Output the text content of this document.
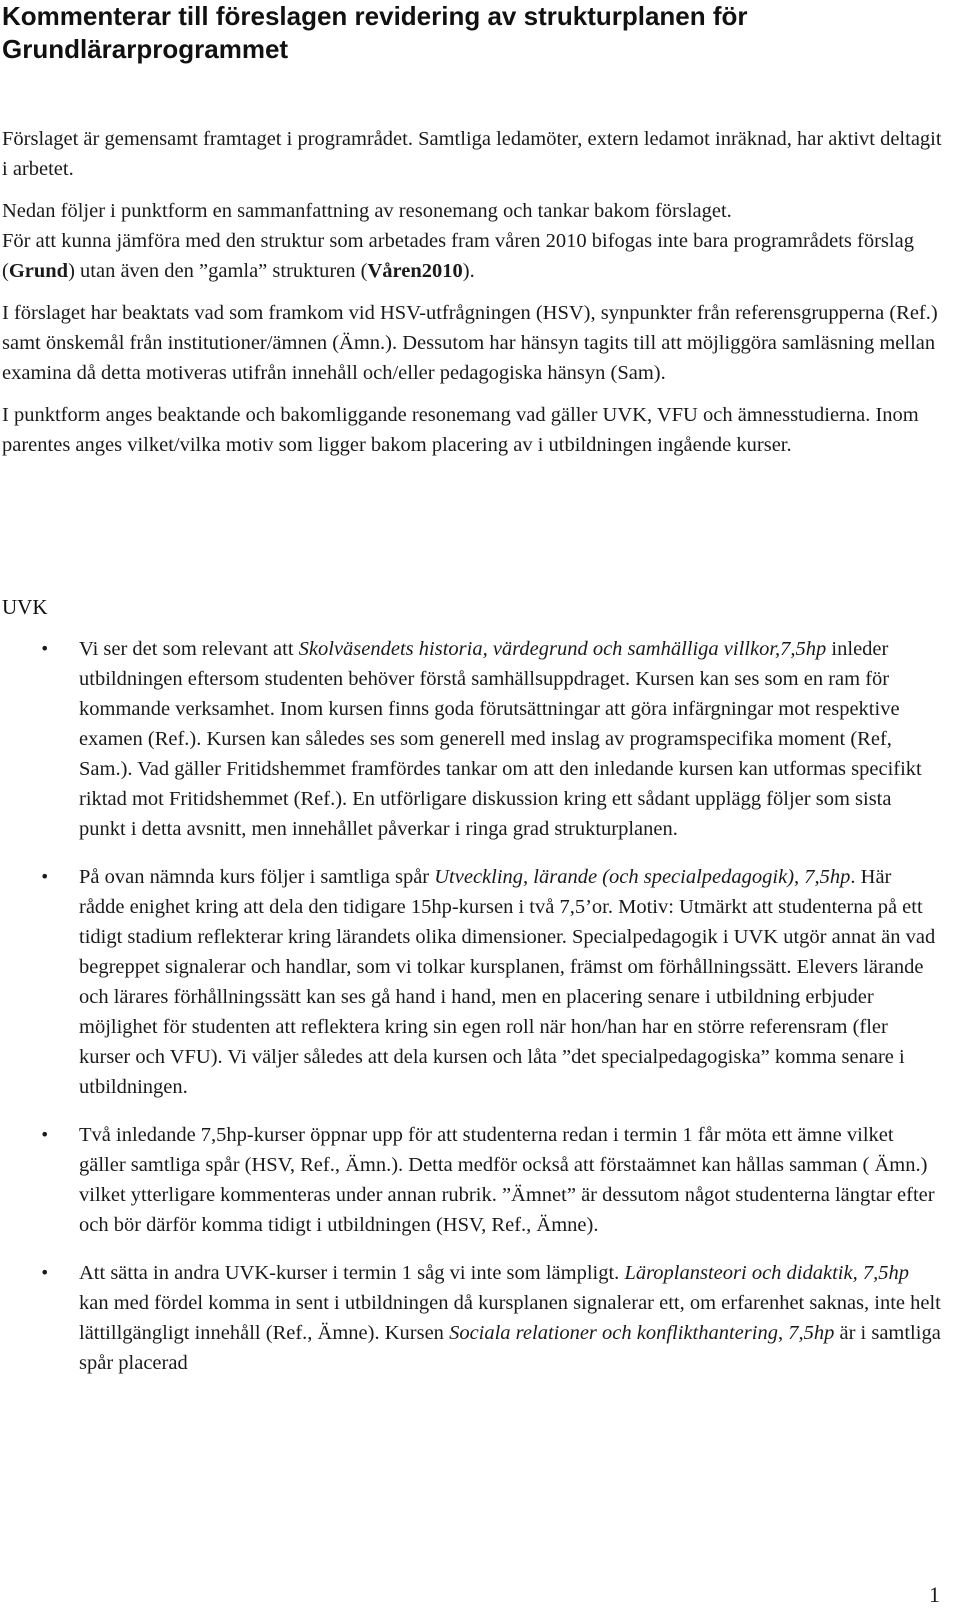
Kommenterar till föreslagen revidering av strukturplanen för
Grundlärarprogrammet

Förslaget är gemensamt framtaget i programrådet. Samtliga ledamöter, extern ledamot inräknad, har aktivt deltagit i arbetet.

Nedan följer i punktform en sammanfattning av resonemang och tankar bakom förslaget.

För att kunna jämföra med den struktur som arbetades fram våren 2010 bifogas inte bara programrådets förslag (Grund) utan även den ”gamla” strukturen (Våren2010).

I förslaget har beaktats vad som framkom vid HSV-utfrågningen (HSV), synpunkter från referensgrupperna (Ref.) samt önskemål från institutioner/ämnen (Ämn.). Dessutom har hänsyn tagits till att möjliggöra samläsning mellan examina då detta motiveras utifrån innehåll och/eller pedagogiska hänsyn (Sam).

I punktform anges beaktande och bakomliggande resonemang vad gäller UVK, VFU och ämnesstudierna. Inom parentes anges vilket/vilka motiv som ligger bakom placering av i utbildningen ingående kurser.

UVK
• Vi ser det som relevant att Skolväsendets historia, värdegrund och samhälliga villkor,7,5hp inleder utbildningen eftersom studenten behöver förstå samhällsuppdraget. Kursen kan ses som en ram för kommande verksamhet. Inom kursen finns goda förutsättningar att göra infärgningar mot respektive examen (Ref.). Kursen kan således ses som generell med inslag av programspecifika moment (Ref, Sam.). Vad gäller Fritidshemmet framfördes tankar om att den inledande kursen kan utformas specifikt riktad mot Fritidshemmet (Ref.). En utförligare diskussion kring ett sådant upplägg följer som sista punkt i detta avsnitt, men innehållet påverkar i ringa grad strukturplanen.
• På ovan nämnda kurs följer i samtliga spår Utveckling, lärande (och specialpedagogik), 7,5hp. Här rådde enighet kring att dela den tidigare 15hp-kursen i två 7,5’or. Motiv: Utmärkt att studenterna på ett tidigt stadium reflekterar kring lärandets olika dimensioner. Specialpedagogik i UVK utgör annat än vad begreppet signalerar och handlar, som vi tolkar kursplanen, främst om förhållningssätt. Elevers lärande och lärares förhållningssätt kan ses gå hand i hand, men en placering senare i utbildning erbjuder möjlighet för studenten att reflektera kring sin egen roll när hon/han har en större referensram (fler kurser och VFU). Vi väljer således att dela kursen och låta ”det specialpedagogiska” komma senare i utbildningen.
• Två inledande 7,5hp-kurser öppnar upp för att studenterna redan i termin 1 får möta ett ämne vilket gäller samtliga spår (HSV, Ref., Ämn.). Detta medför också att förstaämnet kan hållas samman ( Ämn.) vilket ytterligare kommenteras under annan rubrik. ”Ämnet” är dessutom något studenterna längtar efter och bör därför komma tidigt i utbildningen (HSV, Ref., Ämne).
• Att sätta in andra UVK-kurser i termin 1 såg vi inte som lämpligt. Läroplansteori och didaktik, 7,5hp kan med fördel komma in sent i utbildningen då kursplanen signalerar ett, om erfarenhet saknas, inte helt lättillgängligt innehåll (Ref., Ämne). Kursen Sociala relationer och konflikthantering, 7,5hp är i samtliga spår placerad
1
